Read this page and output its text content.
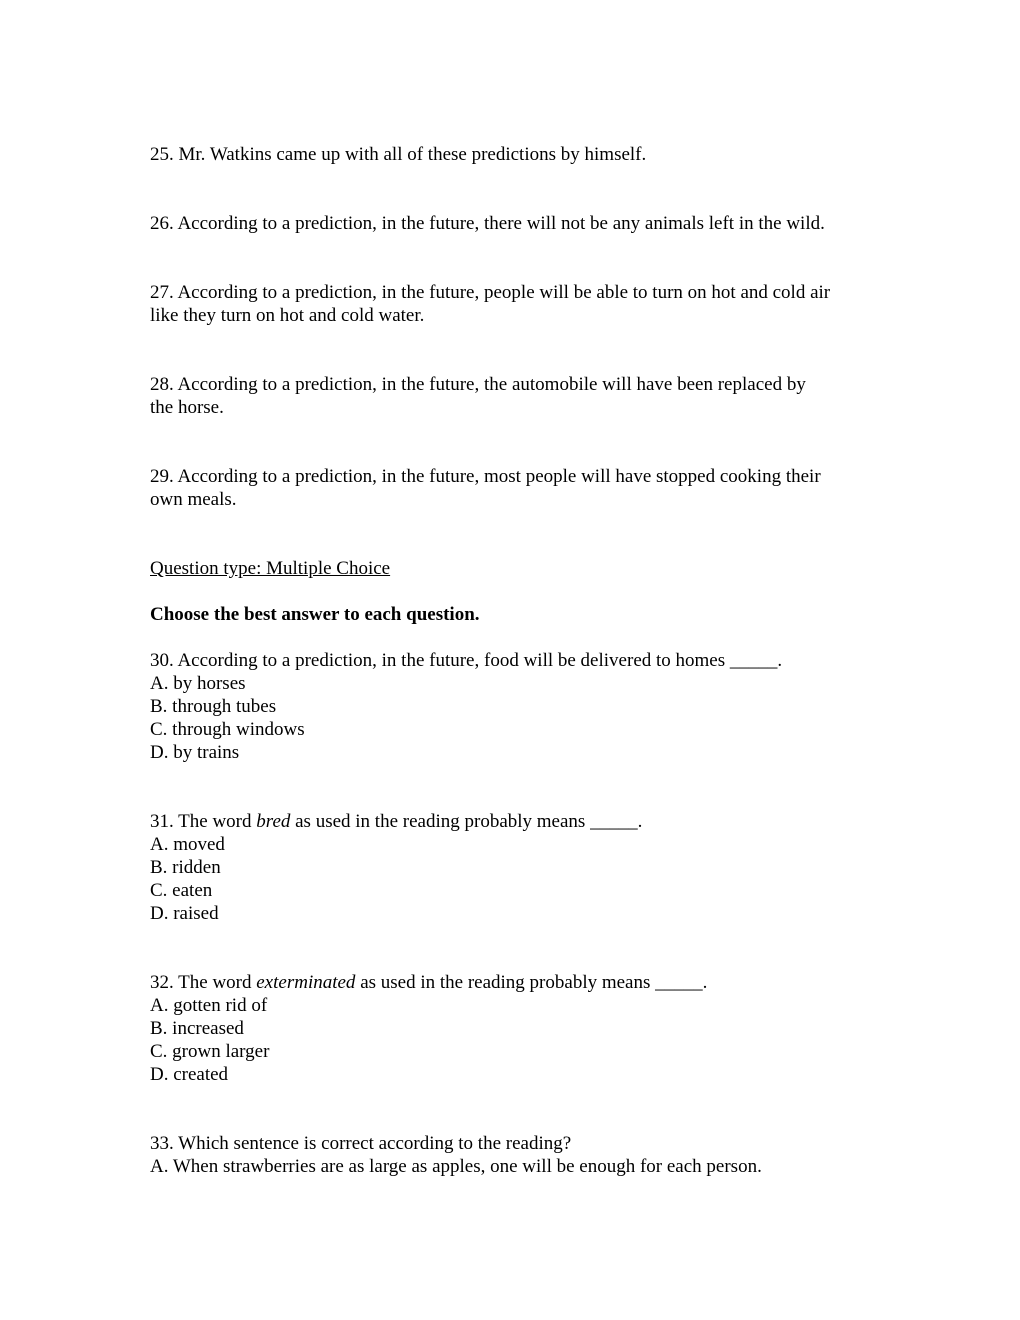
25. Mr. Watkins came up with all of these predictions by himself.
26. According to a prediction, in the future, there will not be any animals left in the wild.
27. According to a prediction, in the future, people will be able to turn on hot and cold air
like they turn on hot and cold water.
28. According to a prediction, in the future, the automobile will have been replaced by
the horse.
29. According to a prediction, in the future, most people will have stopped cooking their
own meals.
Question type: Multiple Choice
Choose the best answer to each question.
30. According to a prediction, in the future, food will be delivered to homes _____.
A. by horses
B. through tubes
C. through windows
D. by trains
31. The word bred as used in the reading probably means _____.
A. moved
B. ridden
C. eaten
D. raised
32. The word exterminated as used in the reading probably means _____.
A. gotten rid of
B. increased
C. grown larger
D. created
33. Which sentence is correct according to the reading?
A. When strawberries are as large as apples, one will be enough for each person.
